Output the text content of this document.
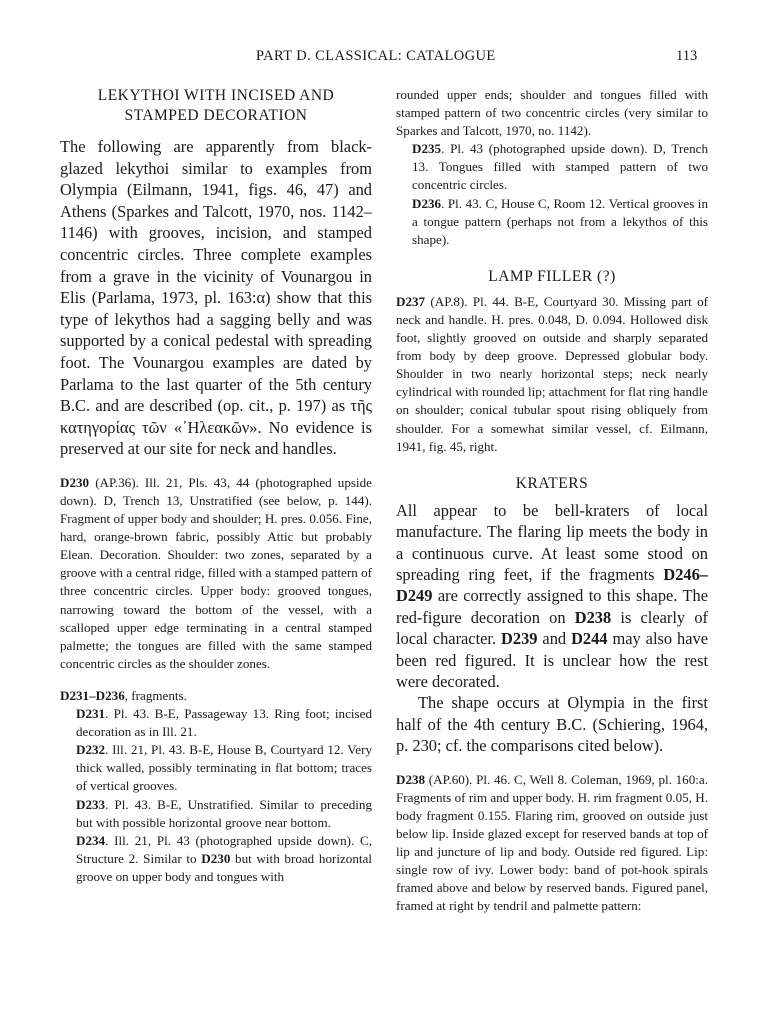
PART D. CLASSICAL: CATALOGUE	113

LEKYTHOI WITH INCISED AND
STAMPED DECORATION

The following are apparently from black-glazed lekythoi similar to examples from Olympia (Eilmann, 1941, figs. 46, 47) and Athens (Sparkes and Talcott, 1970, nos. 1142–1146) with grooves, incision, and stamped concentric circles. Three complete examples from a grave in the vicinity of Vounargou in Elis (Parlama, 1973, pl. 163:α) show that this type of lekythos had a sagging belly and was supported by a conical pedestal with spreading foot. The Vounargou examples are dated by Parlama to the last quarter of the 5th century B.C. and are described (op. cit., p. 197) as τῆς κατηγορίας τῶν «᾿Ηλεακῶν». No evidence is preserved at our site for neck and handles.

D230 (AP.36). Ill. 21, Pls. 43, 44 (photographed upside down). D, Trench 13, Unstratified (see below, p. 144). Fragment of upper body and shoulder; H. pres. 0.056. Fine, hard, orange-brown fabric, possibly Attic but probably Elean. Decoration. Shoulder: two zones, separated by a groove with a central ridge, filled with a stamped pattern of three concentric circles. Upper body: grooved tongues, narrowing toward the bottom of the vessel, with a scalloped upper edge terminating in a central stamped palmette; the tongues are filled with the same stamped concentric circles as the shoulder zones.

D231–D236, fragments.

D231. Pl. 43. B-E, Passageway 13. Ring foot; incised decoration as in Ill. 21.

D232. Ill. 21, Pl. 43. B-E, House B, Courtyard 12. Very thick walled, possibly terminating in flat bottom; traces of vertical grooves.

D233. Pl. 43. B-E, Unstratified. Similar to preceding but with possible horizontal groove near bottom.

D234. Ill. 21, Pl. 43 (photographed upside down). C, Structure 2. Similar to D230 but with broad horizontal groove on upper body and tongues with

rounded upper ends; shoulder and tongues filled with stamped pattern of two concentric circles (very similar to Sparkes and Talcott, 1970, no. 1142).

D235. Pl. 43 (photographed upside down). D, Trench 13. Tongues filled with stamped pattern of two concentric circles.

D236. Pl. 43. C, House C, Room 12. Vertical grooves in a tongue pattern (perhaps not from a lekythos of this shape).

LAMP FILLER (?)

D237 (AP.8). Pl. 44. B-E, Courtyard 30. Missing part of neck and handle. H. pres. 0.048, D. 0.094. Hollowed disk foot, slightly grooved on outside and sharply separated from body by deep groove. Depressed globular body. Shoulder in two nearly horizontal steps; neck nearly cylindrical with rounded lip; attachment for flat ring handle on shoulder; conical tubular spout rising obliquely from shoulder. For a somewhat similar vessel, cf. Eilmann, 1941, fig. 45, right.

KRATERS

All appear to be bell-kraters of local manufacture. The flaring lip meets the body in a continuous curve. At least some stood on spreading ring feet, if the fragments D246–D249 are correctly assigned to this shape. The red-figure decoration on D238 is clearly of local character. D239 and D244 may also have been red figured. It is unclear how the rest were decorated.

The shape occurs at Olympia in the first half of the 4th century B.C. (Schiering, 1964, p. 230; cf. the comparisons cited below).

D238 (AP.60). Pl. 46. C, Well 8. Coleman, 1969, pl. 160:a. Fragments of rim and upper body. H. rim fragment 0.05, H. body fragment 0.155. Flaring rim, grooved on outside just below lip. Inside glazed except for reserved bands at top of lip and juncture of lip and body. Outside red figured. Lip: single row of ivy. Lower body: band of pot-hook spirals framed above and below by reserved bands. Figured panel, framed at right by tendril and palmette pattern:
